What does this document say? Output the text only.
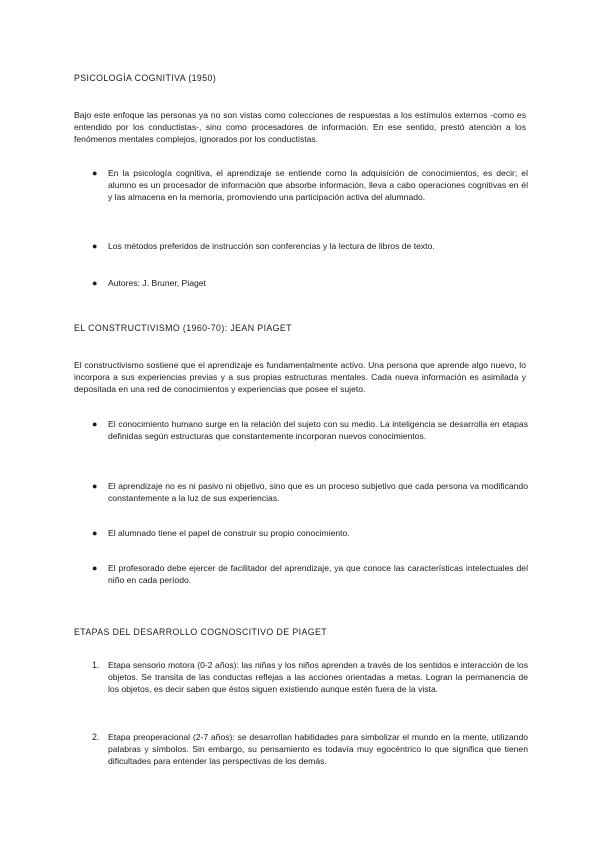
PSICOLOGÍA COGNITIVA (1950)
Bajo este enfoque las personas ya no son vistas como colecciones de respuestas a los estímulos externos -como es entendido por los conductistas-, sino como procesadores de información. En ese sentido, prestó atención a los fenómenos mentales complejos, ignorados por los conductistas.
●	En la psicología cognitiva, el aprendizaje se entiende como la adquisición de conocimientos, es decir; el alumno es un procesador de información que absorbe información, lleva a cabo operaciones cognitivas en él y las almacena en la memoria, promoviendo una participación activa del alumnado.
●	Los métodos preferidos de instrucción son conferencias y la lectura de libros de texto.
●	Autores: J. Bruner, Piaget
EL CONSTRUCTIVISMO (1960-70): JEAN PIAGET
El constructivismo sostiene que el aprendizaje es fundamentalmente activo. Una persona que aprende algo nuevo, lo incorpora a sus experiencias previas y a sus propias estructuras mentales. Cada nueva información es asimilada y depositada en una red de conocimientos y experiencias que posee el sujeto.
●	El conocimiento humano surge en la relación del sujeto con su medio. La inteligencia se desarrolla en etapas definidas según estructuras que constantemente incorporan nuevos conocimientos.
●	El aprendizaje no es ni pasivo ni objetivo, sino que es un proceso subjetivo que cada persona va modificando constantemente a la luz de sus experiencias.
●	El alumnado tiene el papel de construir su propio conocimiento.
●	El profesorado debe ejercer de facilitador del aprendizaje, ya que conoce las características intelectuales del niño en cada período.
ETAPAS DEL DESARROLLO COGNOSCITIVO DE PIAGET
1.	Etapa sensorio motora (0-2 años): las niñas y los niños aprenden a través de los sentidos e interacción de los objetos. Se transita de las conductas reflejas a las acciones orientadas a metas. Logran la permanencia de los objetos, es decir saben que éstos siguen existiendo aunque estén fuera de la vista.
2.	Etapa preoperacional (2-7 años): se desarrollan habilidades para simbolizar el mundo en la mente, utilizando palabras y símbolos. Sin embargo, su pensamiento es todavía muy egocéntrico lo que significa que tienen dificultades para entender las perspectivas de los demás.
